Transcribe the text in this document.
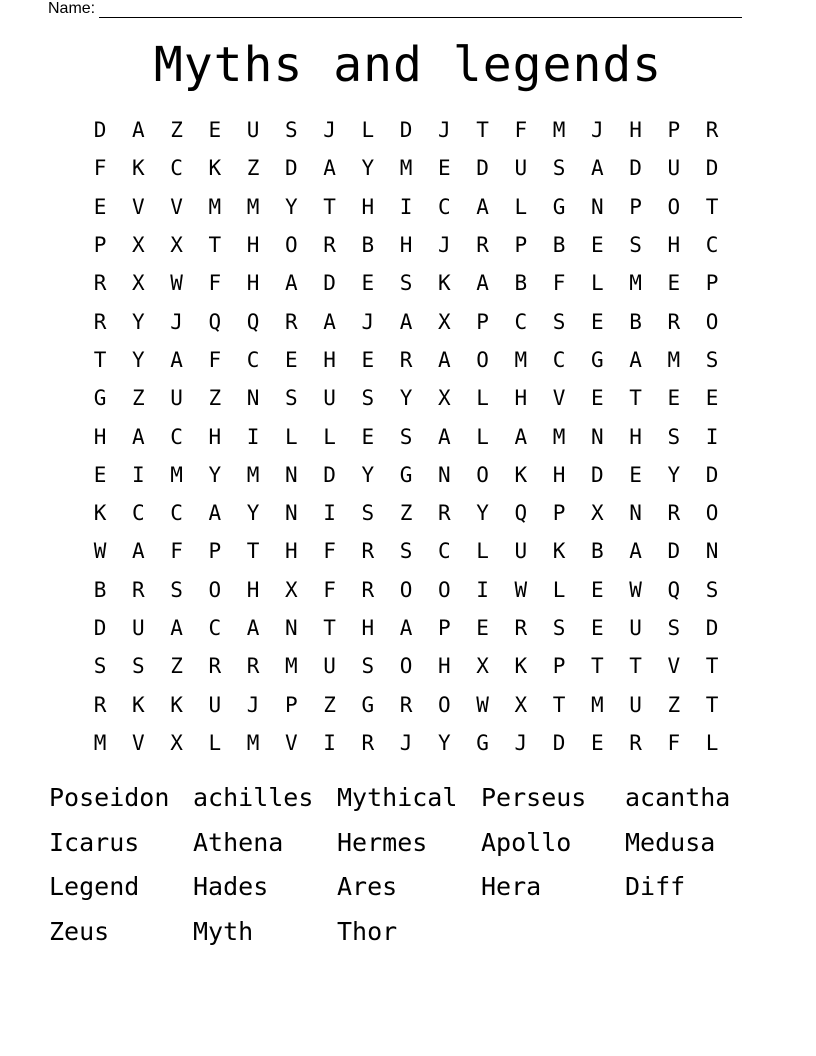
Name:
Myths and legends
D	A	Z	E	U	S	J	L	D	J	T	F	M	J	H	P	R
F	K	C	K	Z	D	A	Y	M	E	D	U	S	A	D	U	D
E	V	V	M	M	Y	T	H	I	C	A	L	G	N	P	O	T
P	X	X	T	H	O	R	B	H	J	R	P	B	E	S	H	C
R	X	W	F	H	A	D	E	S	K	A	B	F	L	M	E	P
R	Y	J	Q	Q	R	A	J	A	X	P	C	S	E	B	R	O
T	Y	A	F	C	E	H	E	R	A	O	M	C	G	A	M	S
G	Z	U	Z	N	S	U	S	Y	X	L	H	V	E	T	E	E
H	A	C	H	I	L	L	E	S	A	L	A	M	N	H	S	I
E	I	M	Y	M	N	D	Y	G	N	O	K	H	D	E	Y	D
K	C	C	A	Y	N	I	S	Z	R	Y	Q	P	X	N	R	O
W	A	F	P	T	H	F	R	S	C	L	U	K	B	A	D	N
B	R	S	O	H	X	F	R	O	O	I	W	L	E	W	Q	S
D	U	A	C	A	N	T	H	A	P	E	R	S	E	U	S	D
S	S	Z	R	R	M	U	S	O	H	X	K	P	T	T	V	T
R	K	K	U	J	P	Z	G	R	O	W	X	T	M	U	Z	T
M	V	X	L	M	V	I	R	J	Y	G	J	D	E	R	F	L
Poseidon achilles Mythical Perseus	acantha
Icarus	Athena	Hermes	Apollo	Medusa
Legend	Hades	Ares	Hera	Diff
Zeus	Myth	Thor
